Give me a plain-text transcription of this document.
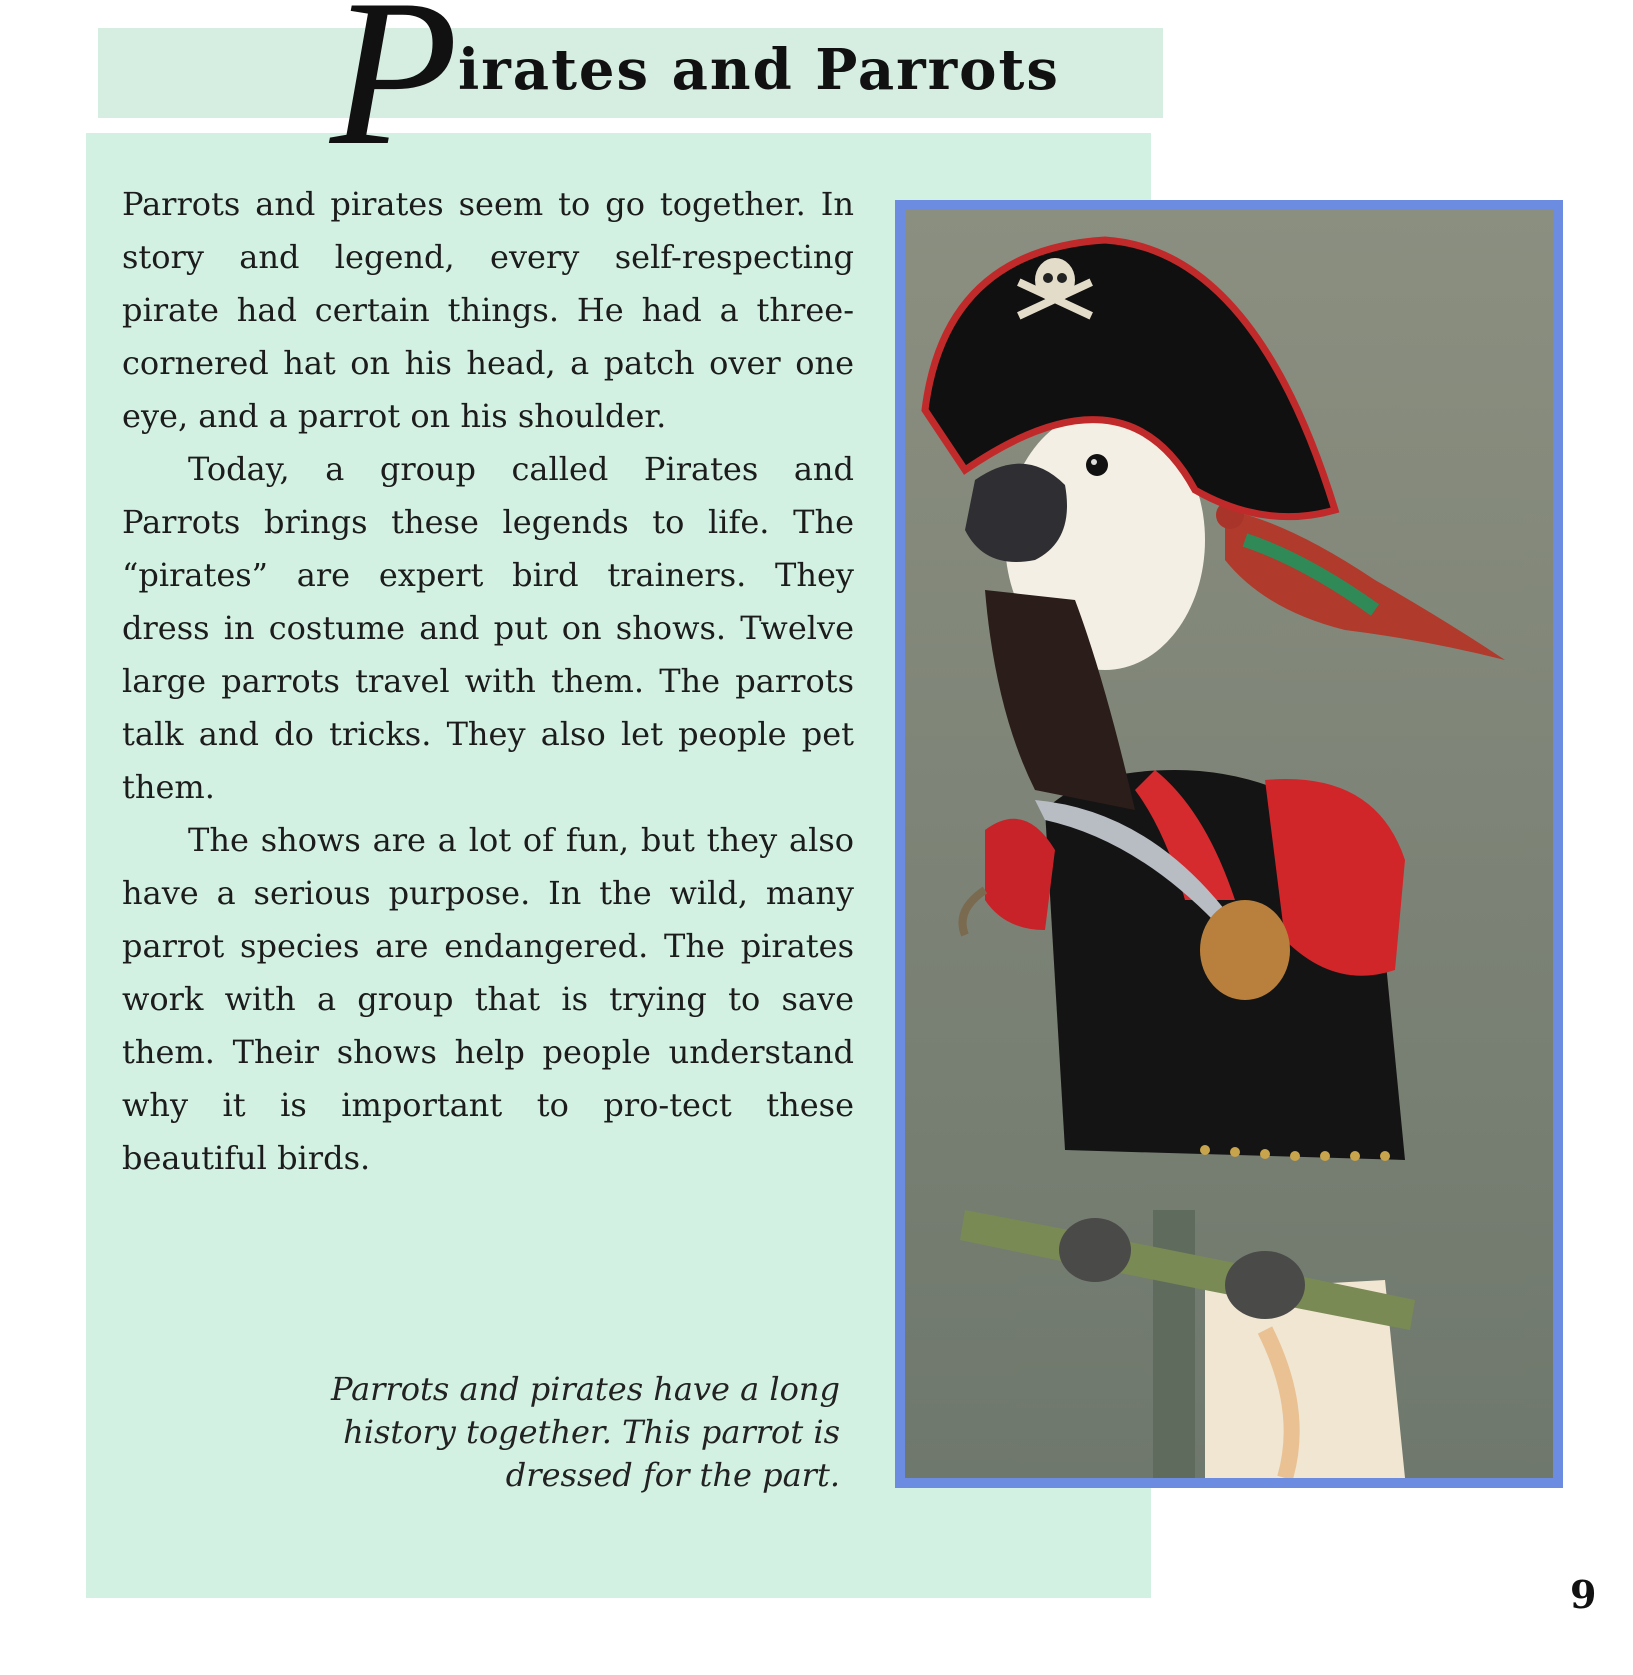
P irates and Parrots

Parrots and pirates seem to go together. In story and legend, every self-respecting pirate had certain things. He had a three-cornered hat on his head, a patch over one eye, and a parrot on his shoulder.

Today, a group called Pirates and Parrots brings these legends to life. The “pirates” are expert bird trainers. They dress in costume and put on shows. Twelve large parrots travel with them. The parrots talk and do tricks. They also let people pet them.

The shows are a lot of fun, but they also have a serious purpose. In the wild, many parrot species are endangered. The pirates work with a group that is trying to save them. Their shows help people understand why it is important to pro-tect these beautiful birds.

Parrots and pirates have a long history together. This parrot is dressed for the part.
9
